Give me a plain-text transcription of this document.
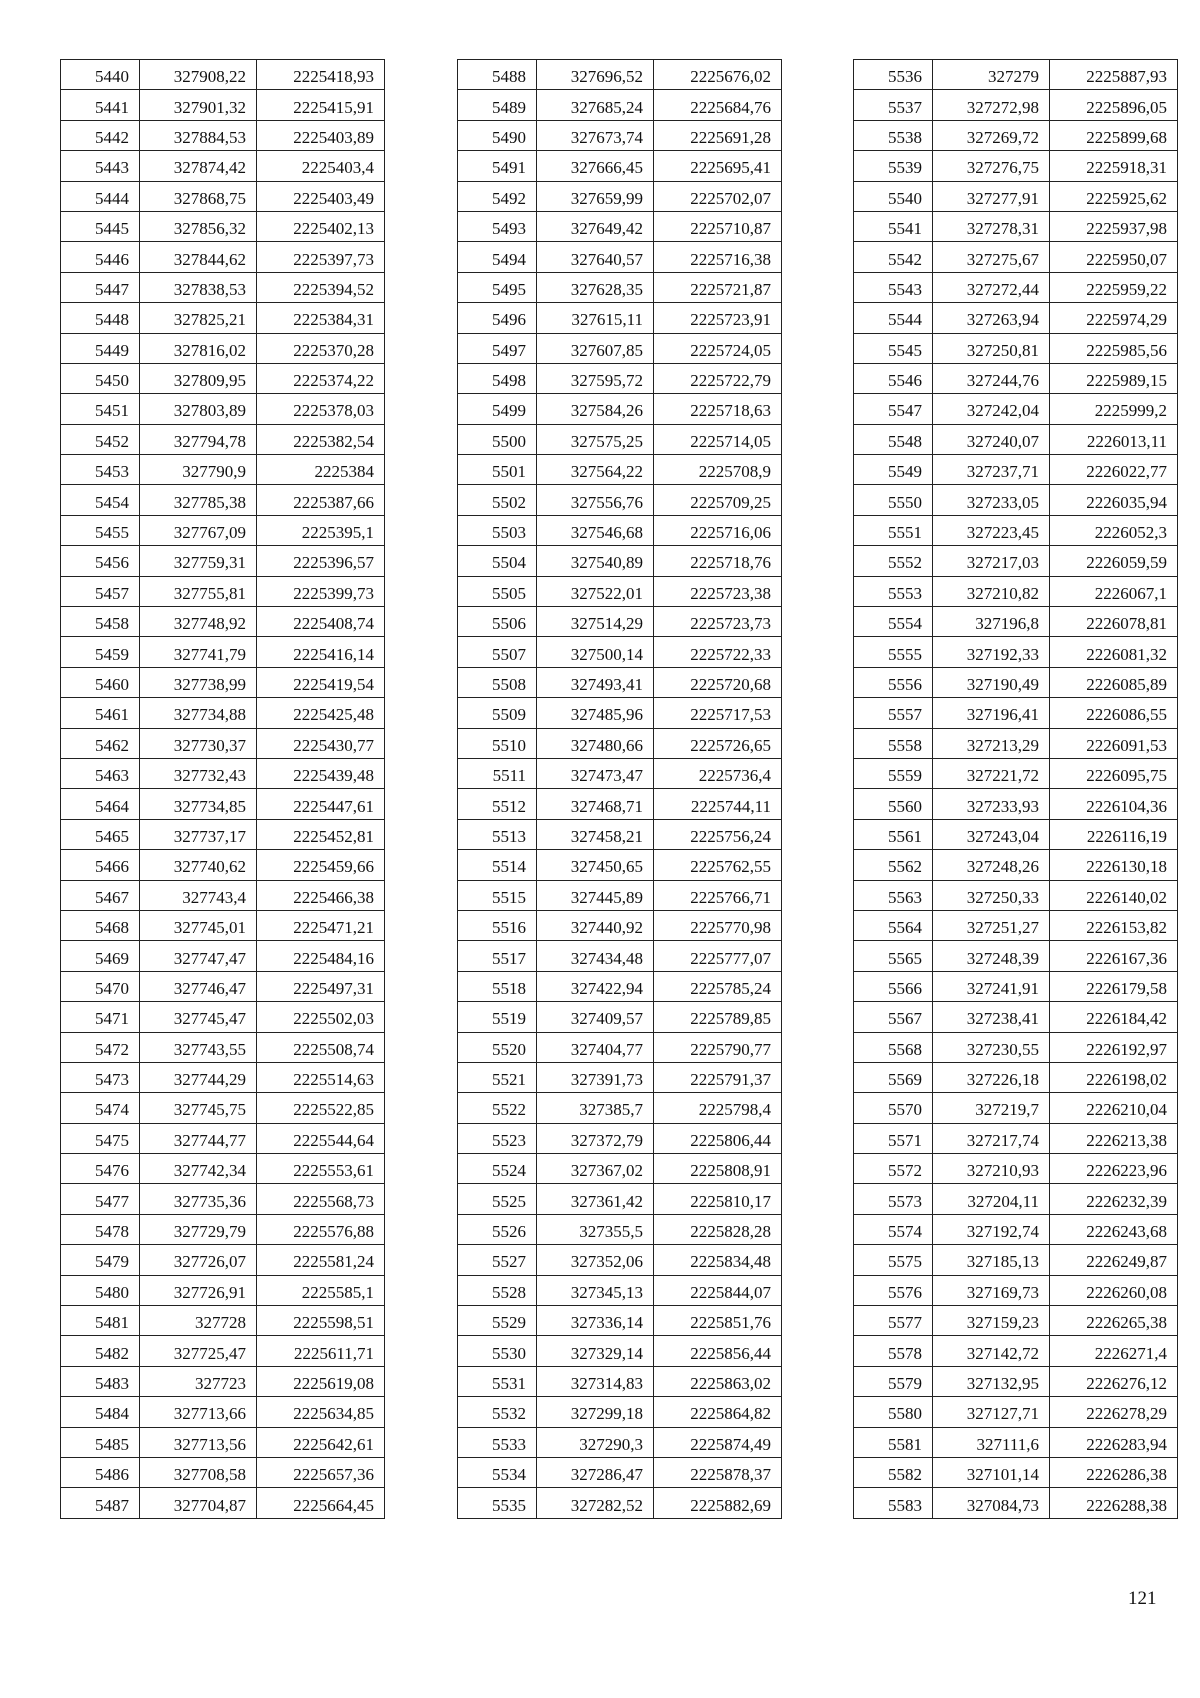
5440	327908,22	2225418,93
5441	327901,32	2225415,91
5442	327884,53	2225403,89
5443	327874,42	2225403,4
5444	327868,75	2225403,49
5445	327856,32	2225402,13
5446	327844,62	2225397,73
5447	327838,53	2225394,52
5448	327825,21	2225384,31
5449	327816,02	2225370,28
5450	327809,95	2225374,22
5451	327803,89	2225378,03
5452	327794,78	2225382,54
5453	327790,9	2225384
5454	327785,38	2225387,66
5455	327767,09	2225395,1
5456	327759,31	2225396,57
5457	327755,81	2225399,73
5458	327748,92	2225408,74
5459	327741,79	2225416,14
5460	327738,99	2225419,54
5461	327734,88	2225425,48
5462	327730,37	2225430,77
5463	327732,43	2225439,48
5464	327734,85	2225447,61
5465	327737,17	2225452,81
5466	327740,62	2225459,66
5467	327743,4	2225466,38
5468	327745,01	2225471,21
5469	327747,47	2225484,16
5470	327746,47	2225497,31
5471	327745,47	2225502,03
5472	327743,55	2225508,74
5473	327744,29	2225514,63
5474	327745,75	2225522,85
5475	327744,77	2225544,64
5476	327742,34	2225553,61
5477	327735,36	2225568,73
5478	327729,79	2225576,88
5479	327726,07	2225581,24
5480	327726,91	2225585,1
5481	327728	2225598,51
5482	327725,47	2225611,71
5483	327723	2225619,08
5484	327713,66	2225634,85
5485	327713,56	2225642,61
5486	327708,58	2225657,36
5487	327704,87	2225664,45
5488	327696,52	2225676,02
5489	327685,24	2225684,76
5490	327673,74	2225691,28
5491	327666,45	2225695,41
5492	327659,99	2225702,07
5493	327649,42	2225710,87
5494	327640,57	2225716,38
5495	327628,35	2225721,87
5496	327615,11	2225723,91
5497	327607,85	2225724,05
5498	327595,72	2225722,79
5499	327584,26	2225718,63
5500	327575,25	2225714,05
5501	327564,22	2225708,9
5502	327556,76	2225709,25
5503	327546,68	2225716,06
5504	327540,89	2225718,76
5505	327522,01	2225723,38
5506	327514,29	2225723,73
5507	327500,14	2225722,33
5508	327493,41	2225720,68
5509	327485,96	2225717,53
5510	327480,66	2225726,65
5511	327473,47	2225736,4
5512	327468,71	2225744,11
5513	327458,21	2225756,24
5514	327450,65	2225762,55
5515	327445,89	2225766,71
5516	327440,92	2225770,98
5517	327434,48	2225777,07
5518	327422,94	2225785,24
5519	327409,57	2225789,85
5520	327404,77	2225790,77
5521	327391,73	2225791,37
5522	327385,7	2225798,4
5523	327372,79	2225806,44
5524	327367,02	2225808,91
5525	327361,42	2225810,17
5526	327355,5	2225828,28
5527	327352,06	2225834,48
5528	327345,13	2225844,07
5529	327336,14	2225851,76
5530	327329,14	2225856,44
5531	327314,83	2225863,02
5532	327299,18	2225864,82
5533	327290,3	2225874,49
5534	327286,47	2225878,37
5535	327282,52	2225882,69
5536	327279	2225887,93
5537	327272,98	2225896,05
5538	327269,72	2225899,68
5539	327276,75	2225918,31
5540	327277,91	2225925,62
5541	327278,31	2225937,98
5542	327275,67	2225950,07
5543	327272,44	2225959,22
5544	327263,94	2225974,29
5545	327250,81	2225985,56
5546	327244,76	2225989,15
5547	327242,04	2225999,2
5548	327240,07	2226013,11
5549	327237,71	2226022,77
5550	327233,05	2226035,94
5551	327223,45	2226052,3
5552	327217,03	2226059,59
5553	327210,82	2226067,1
5554	327196,8	2226078,81
5555	327192,33	2226081,32
5556	327190,49	2226085,89
5557	327196,41	2226086,55
5558	327213,29	2226091,53
5559	327221,72	2226095,75
5560	327233,93	2226104,36
5561	327243,04	2226116,19
5562	327248,26	2226130,18
5563	327250,33	2226140,02
5564	327251,27	2226153,82
5565	327248,39	2226167,36
5566	327241,91	2226179,58
5567	327238,41	2226184,42
5568	327230,55	2226192,97
5569	327226,18	2226198,02
5570	327219,7	2226210,04
5571	327217,74	2226213,38
5572	327210,93	2226223,96
5573	327204,11	2226232,39
5574	327192,74	2226243,68
5575	327185,13	2226249,87
5576	327169,73	2226260,08
5577	327159,23	2226265,38
5578	327142,72	2226271,4
5579	327132,95	2226276,12
5580	327127,71	2226278,29
5581	327111,6	2226283,94
5582	327101,14	2226286,38
5583	327084,73	2226288,38
121
